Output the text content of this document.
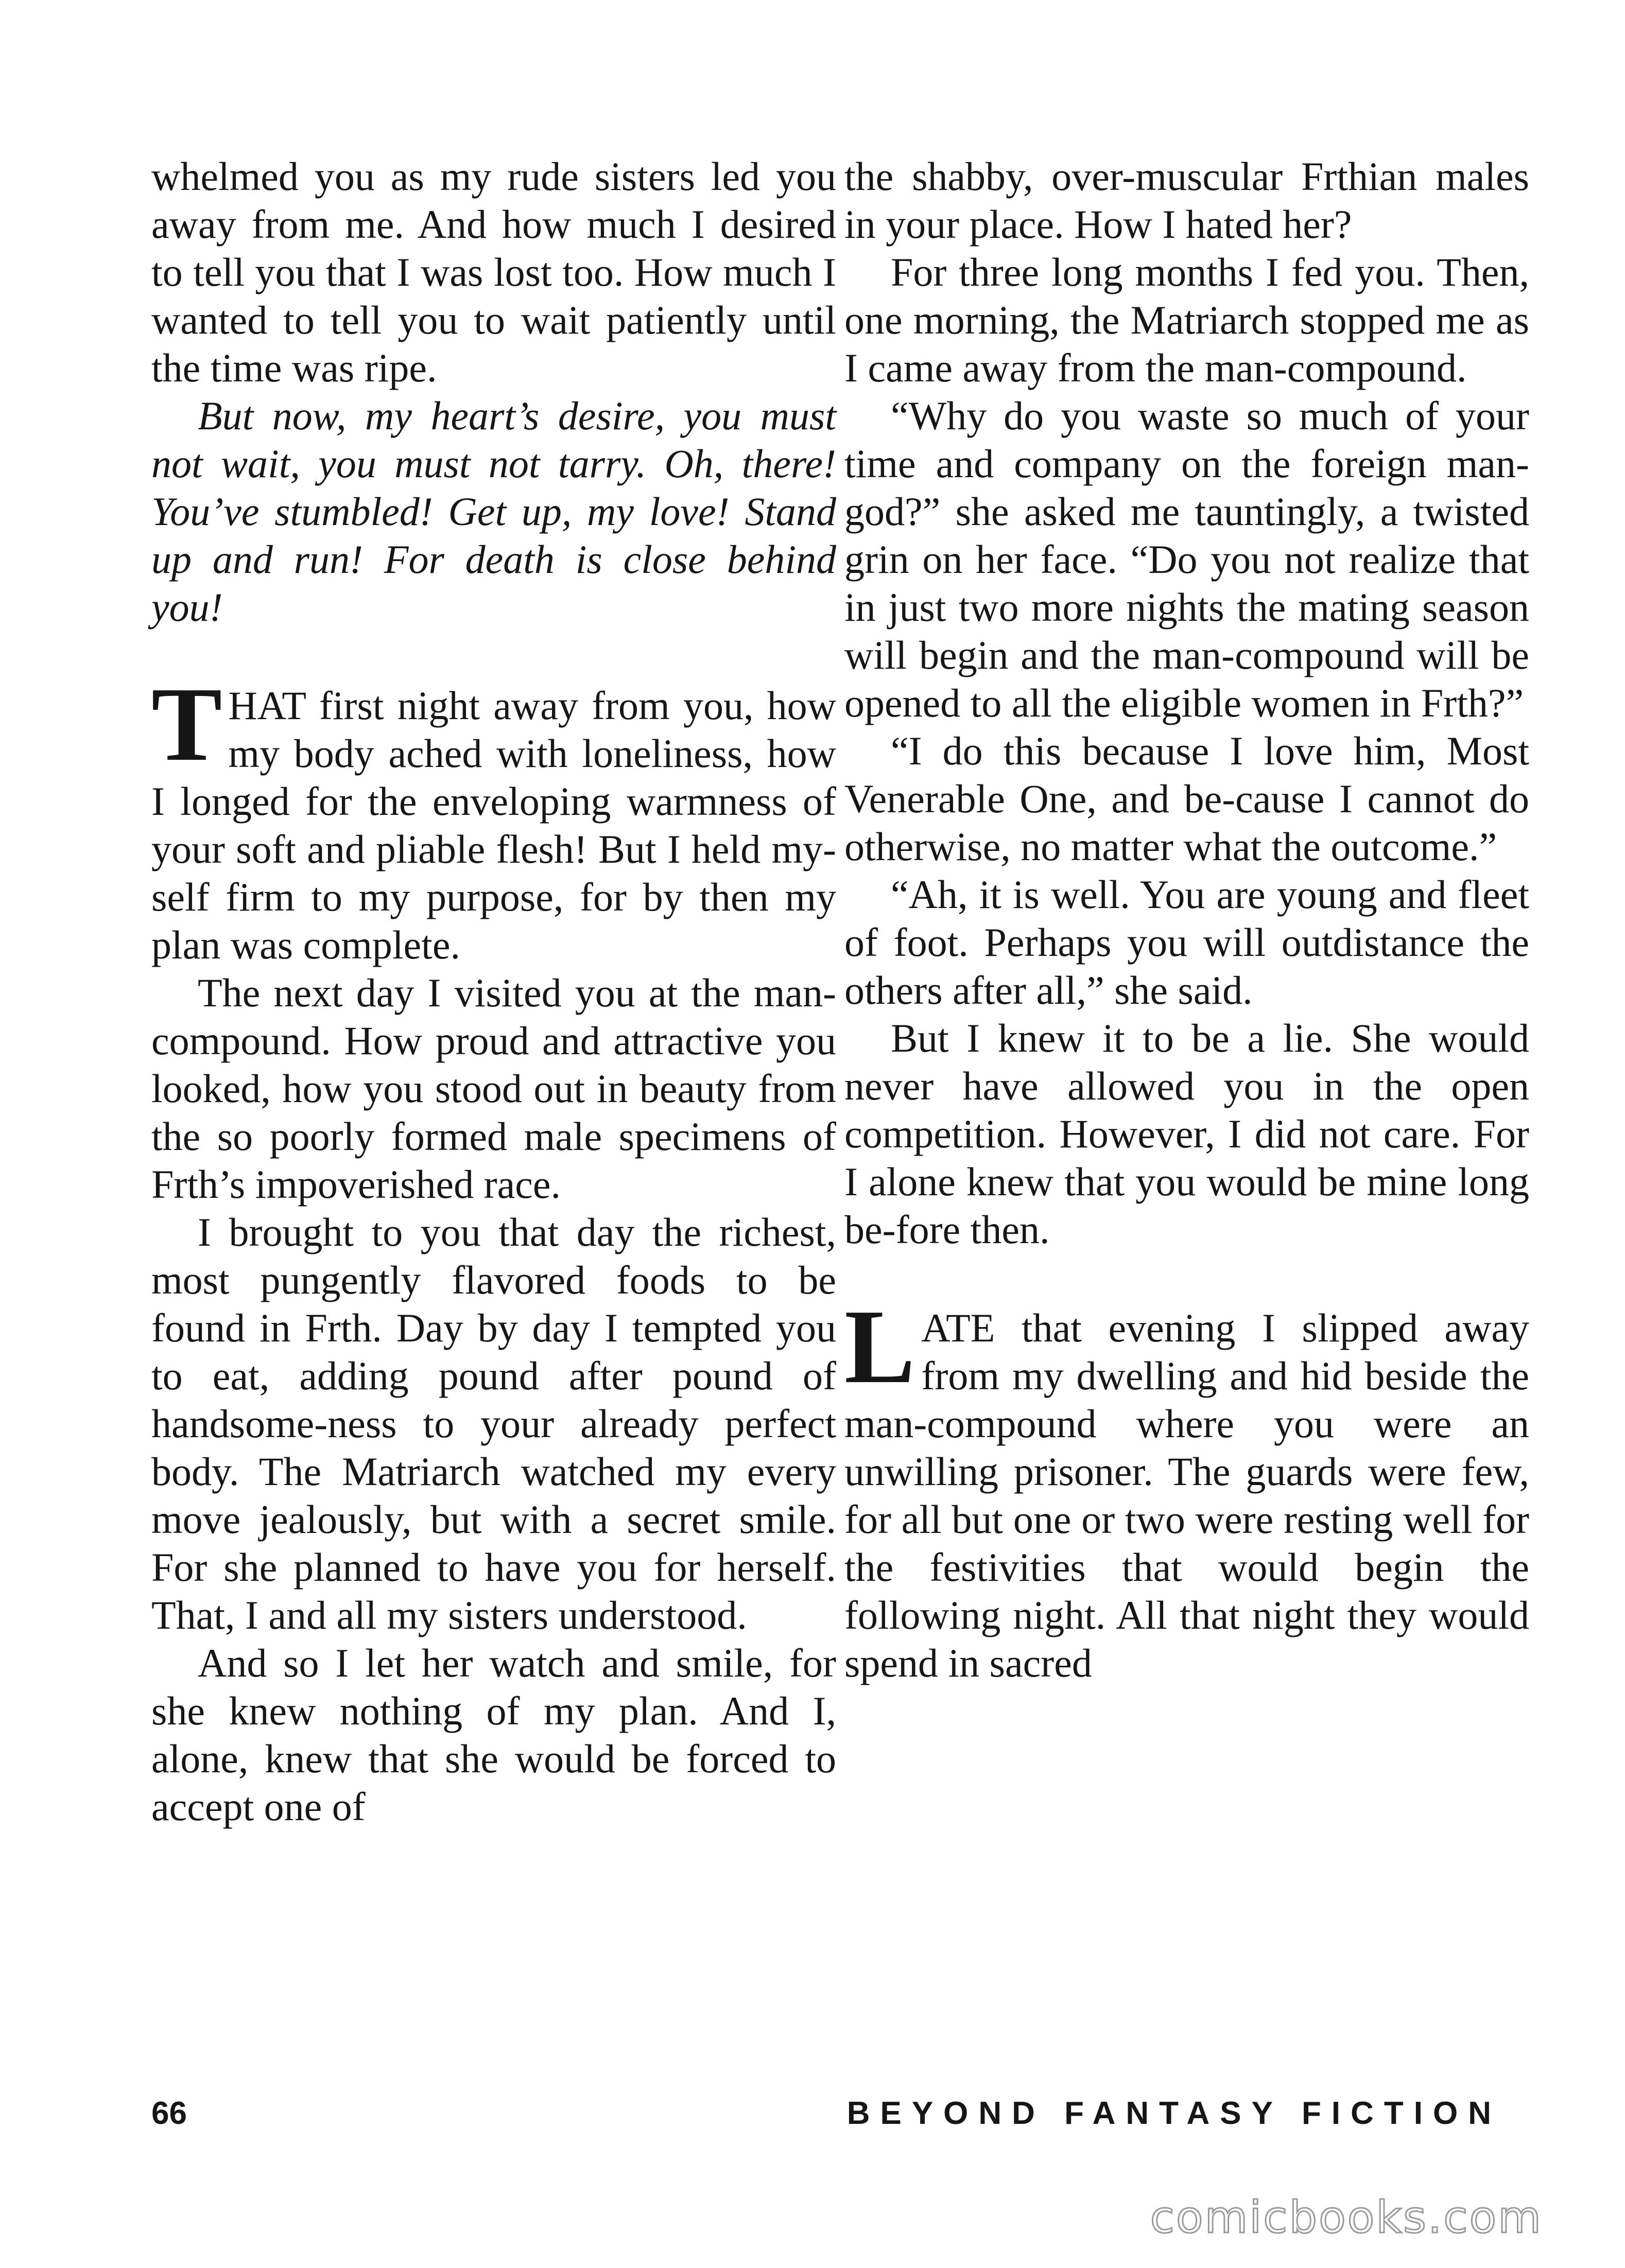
whelmed you as my rude sisters led you away from me. And how much I desired to tell you that I was lost too. How much I wanted to tell you to wait patiently until the time was ripe.

But now, my heart’s desire, you must not wait, you must not tarry. Oh, there! You’ve stumbled! Get up, my love! Stand up and run! For death is close behind you!

THAT first night away from you, how my body ached with loneliness, how I longed for the enveloping warmness of your soft and pliable flesh! But I held my-self firm to my purpose, for by then my plan was complete.

The next day I visited you at the man-compound. How proud and attractive you looked, how you stood out in beauty from the so poorly formed male specimens of Frth’s impoverished race.

I brought to you that day the richest, most pungently flavored foods to be found in Frth. Day by day I tempted you to eat, adding pound after pound of handsome-ness to your already perfect body. The Matriarch watched my every move jealously, but with a secret smile. For she planned to have you for herself. That, I and all my sisters understood.

And so I let her watch and smile, for she knew nothing of my plan. And I, alone, knew that she would be forced to accept one of

the shabby, over-muscular Frthian males in your place. How I hated her?

For three long months I fed you. Then, one morning, the Matriarch stopped me as I came away from the man-compound.

“Why do you waste so much of your time and company on the foreign man-god?” she asked me tauntingly, a twisted grin on her face. “Do you not realize that in just two more nights the mating season will begin and the man-compound will be opened to all the eligible women in Frth?”

“I do this because I love him, Most Venerable One, and be-cause I cannot do otherwise, no matter what the outcome.”

“Ah, it is well. You are young and fleet of foot. Perhaps you will outdistance the others after all,” she said.

But I knew it to be a lie. She would never have allowed you in the open competition. However, I did not care. For I alone knew that you would be mine long be-fore then.

LATE that evening I slipped away from my dwelling and hid beside the man-compound where you were an unwilling prisoner. The guards were few, for all but one or two were resting well for the festivities that would begin the following night. All that night they would spend in sacred

66	BEYOND FANTASY FICTION
comicbooks.com
